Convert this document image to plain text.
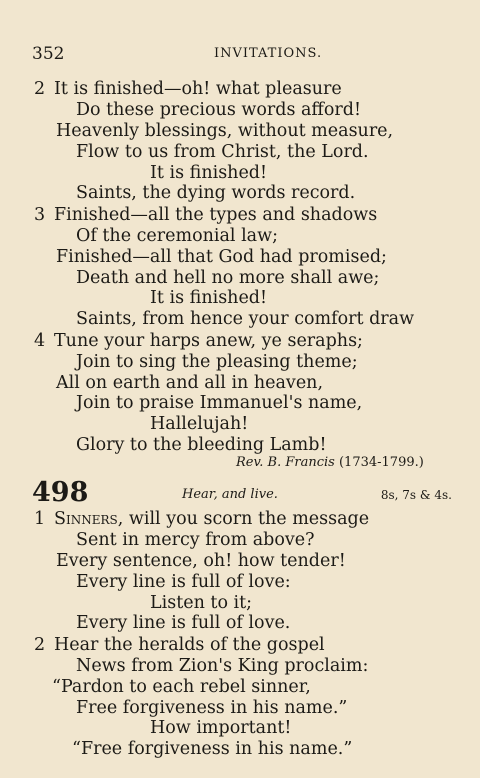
352	INVITATIONS.
2 It is finished—oh! what pleasure
Do these precious words afford!
Heavenly blessings, without measure,
Flow to us from Christ, the Lord.
It is finished!
Saints, the dying words record.
3 Finished—all the types and shadows
Of the ceremonial law;
Finished—all that God had promised;
Death and hell no more shall awe;
It is finished!
Saints, from hence your comfort draw
4 Tune your harps anew, ye seraphs;
Join to sing the pleasing theme;
All on earth and all in heaven,
Join to praise Immanuel's name,
Hallelujah!
Glory to the bleeding Lamb!
Rev. B. Francis (1734-1799.)
498	Hear, and live.	8s, 7s & 4s.
1 Sinners, will you scorn the message
Sent in mercy from above?
Every sentence, oh! how tender!
Every line is full of love:
Listen to it;
Every line is full of love.
2 Hear the heralds of the gospel
News from Zion's King proclaim:
“Pardon to each rebel sinner,
Free forgiveness in his name.”
How important!
“Free forgiveness in his name.”
